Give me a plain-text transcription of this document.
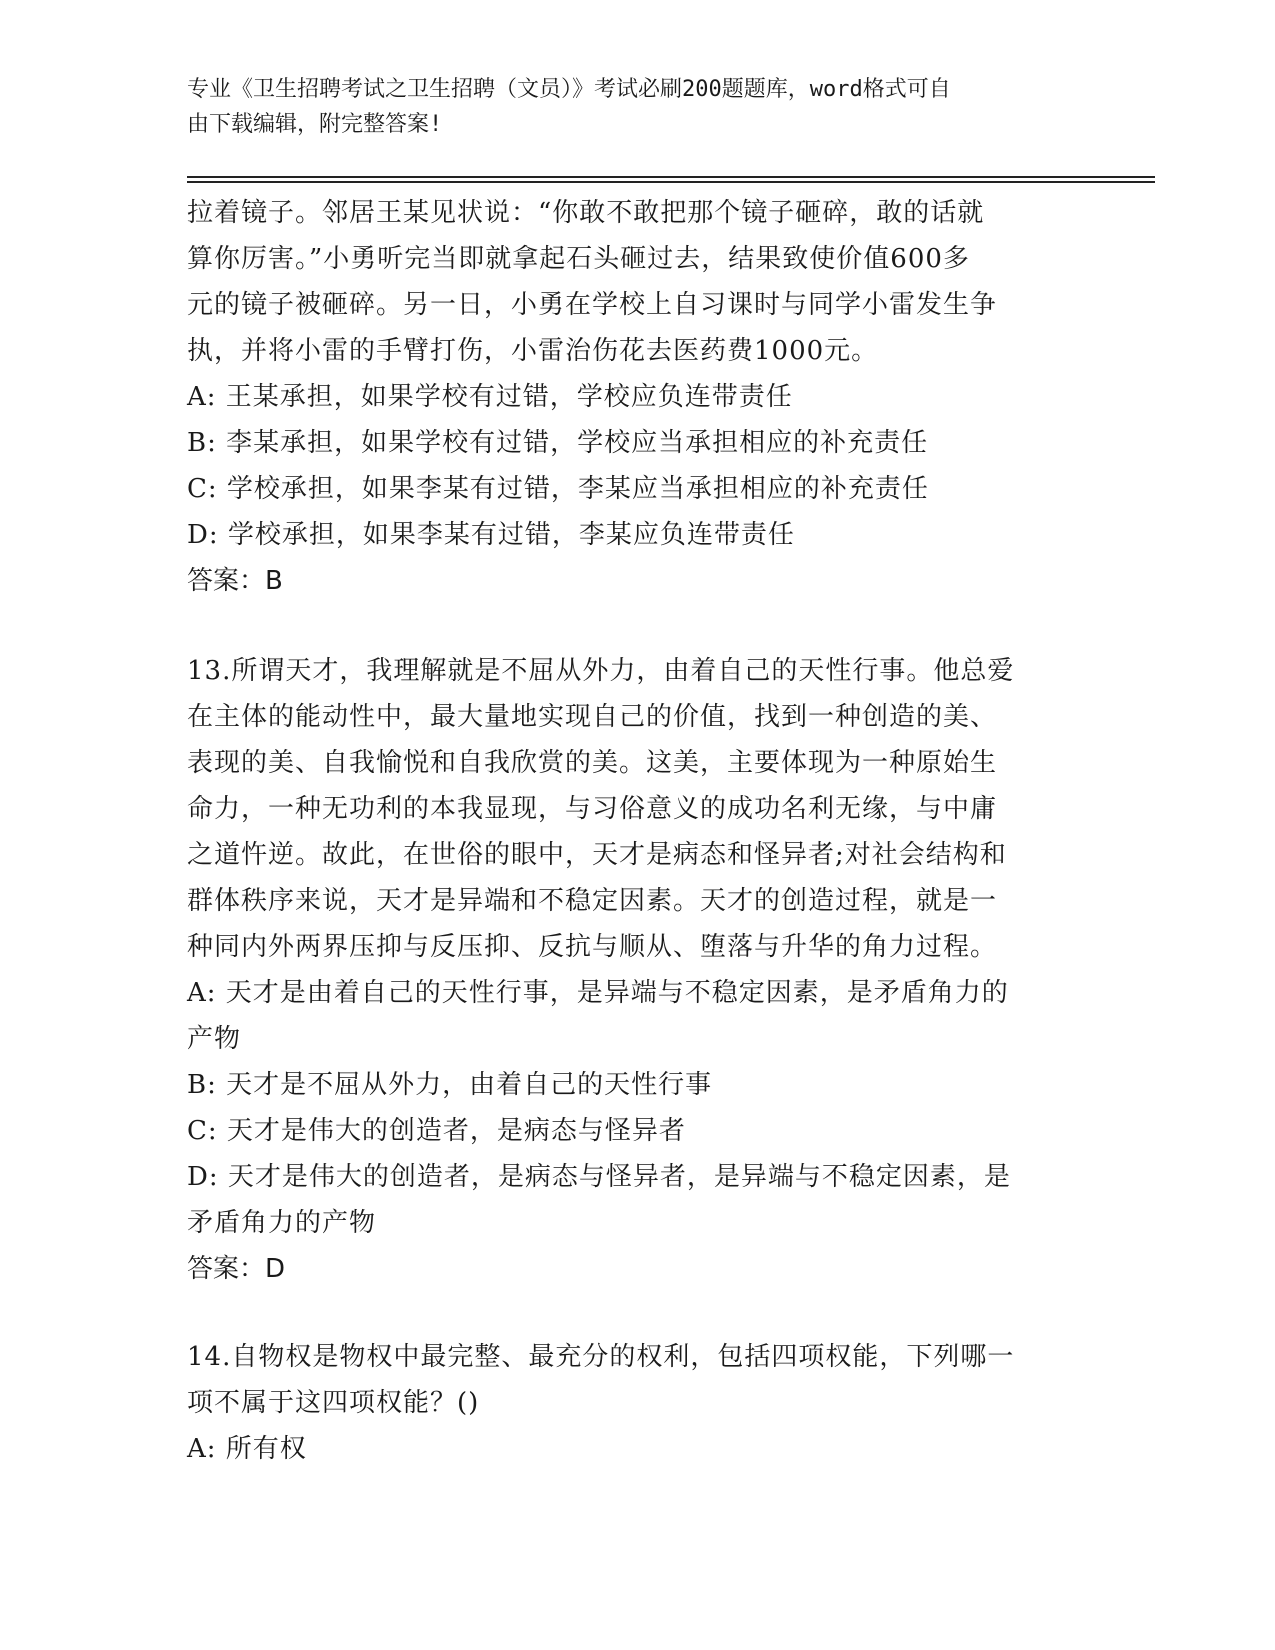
专业《卫生招聘考试之卫生招聘（文员）》考试必刷200题题库，word格式可自
由下载编辑，附完整答案!
拉着镜子。邻居王某见状说：“你敢不敢把那个镜子砸碎，敢的话就
算你厉害。”小勇听完当即就拿起石头砸过去，结果致使价值600多
元的镜子被砸碎。另一日，小勇在学校上自习课时与同学小雷发生争
执，并将小雷的手臂打伤，小雷治伤花去医药费1000元。
A: 王某承担，如果学校有过错，学校应负连带责任
B: 李某承担，如果学校有过错，学校应当承担相应的补充责任
C: 学校承担，如果李某有过错，李某应当承担相应的补充责任
D: 学校承担，如果李某有过错，李某应负连带责任
答案：B
13.所谓天才，我理解就是不屈从外力，由着自己的天性行事。他总爱
在主体的能动性中，最大量地实现自己的价值，找到一种创造的美、
表现的美、自我愉悦和自我欣赏的美。这美，主要体现为一种原始生
命力，一种无功利的本我显现，与习俗意义的成功名利无缘，与中庸
之道忤逆。故此，在世俗的眼中，天才是病态和怪异者;对社会结构和
群体秩序来说，天才是异端和不稳定因素。天才的创造过程，就是一
种同内外两界压抑与反压抑、反抗与顺从、堕落与升华的角力过程。
A: 天才是由着自己的天性行事，是异端与不稳定因素，是矛盾角力的
产物
B: 天才是不屈从外力，由着自己的天性行事
C: 天才是伟大的创造者，是病态与怪异者
D: 天才是伟大的创造者，是病态与怪异者，是异端与不稳定因素，是
矛盾角力的产物
答案：D
14.自物权是物权中最完整、最充分的权利，包括四项权能，下列哪一
项不属于这四项权能？()
A: 所有权
